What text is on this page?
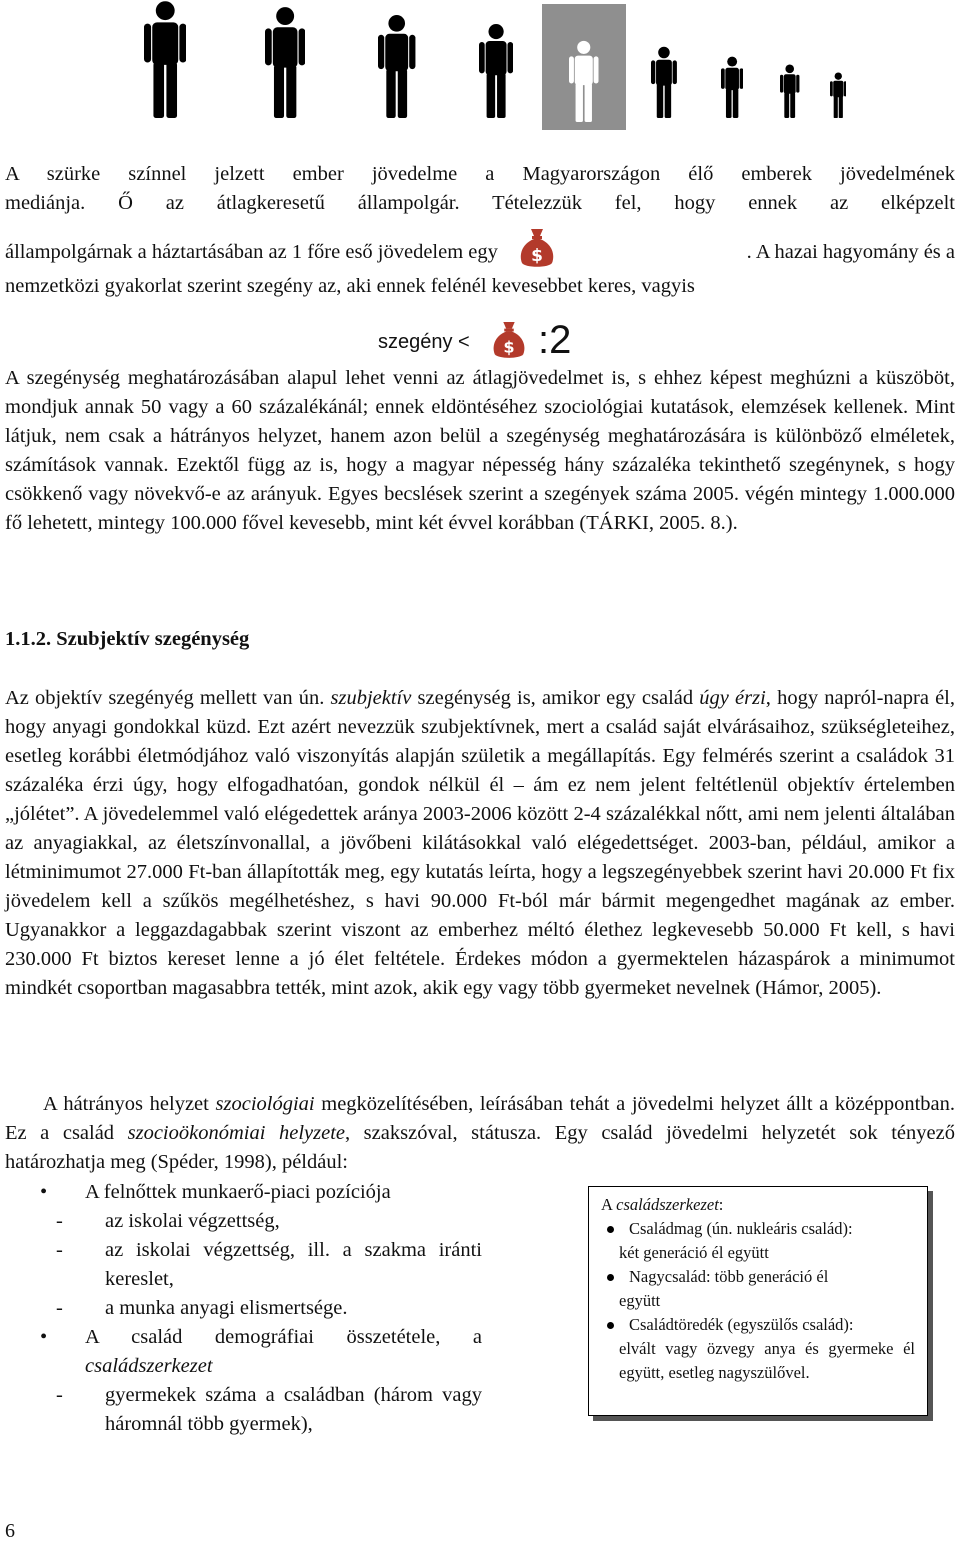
A szürke színnel jelzett ember jövedelme a Magyarországon élő emberek jövedelmének
mediánja. Ő az átlagkeresetű állampolgár. Tételezzük fel, hogy ennek az elképzelt
állampolgárnak a háztartásában az 1 főre eső jövedelem egy $	. A hazai hagyomány és a
nemzetközi gyakorlat szerint szegény az, aki ennek felénél kevesebbet keres, vagyis
szegény < $ :2
A szegénység meghatározásában alapul lehet venni az átlagjövedelmet is, s ehhez képest meghúzni a küszöböt, mondjuk annak 50 vagy a 60 százalékánál; ennek eldöntéséhez szociológiai kutatások, elemzések kellenek. Mint látjuk, nem csak a hátrányos helyzet, hanem azon belül a szegénység meghatározására is különböző elméletek, számítások vannak. Ezektől függ az is, hogy a magyar népesség hány százaléka tekinthető szegénynek, s hogy csökkenő vagy növekvő-e az arányuk. Egyes becslések szerint a szegények száma 2005. végén mintegy 1.000.000 fő lehetett, mintegy 100.000 fővel kevesebb, mint két évvel korábban (TÁRKI, 2005. 8.).
1.1.2. Szubjektív szegénység
Az objektív szegényég mellett van ún. szubjektív szegénység is, amikor egy család úgy érzi, hogy napról-napra él, hogy anyagi gondokkal küzd. Ezt azért nevezzük szubjektívnek, mert a család saját elvárásaihoz, szükségleteihez, esetleg korábbi életmódjához való viszonyítás alapján születik a megállapítás. Egy felmérés szerint a családok 31 százaléka érzi úgy, hogy elfogadhatóan, gondok nélkül él – ám ez nem jelent feltétlenül objektív értelemben „jólétet”. A jövedelemmel való elégedettek aránya 2003-2006 között 2-4 százalékkal nőtt, ami nem jelenti általában az anyagiakkal, az életszínvonallal, a jövőbeni kilátásokkal való elégedettséget. 2003-ban, például, amikor a létminimumot 27.000 Ft-ban állapították meg, egy kutatás leírta, hogy a legszegényebbek szerint havi 20.000 Ft fix jövedelem kell a szűkös megélhetéshez, s havi 90.000 Ft-ból már bármit megengedhet magának az ember. Ugyanakkor a leggazdagabbak szerint viszont az emberhez méltó élethez legkevesebb 50.000 Ft kell, s havi 230.000 Ft biztos kereset lenne a jó élet feltétele. Érdekes módon a gyermektelen házaspárok a minimumot mindkét csoportban magasabbra tették, mint azok, akik egy vagy több gyermeket nevelnek (Hámor, 2005).
A hátrányos helyzet szociológiai megközelítésében, leírásában tehát a jövedelmi helyzet állt a középpontban. Ez a család szocioökonómiai helyzete, szakszóval, státusza. Egy család jövedelmi helyzetét sok tényező határozhatja meg (Spéder, 1998), például:
• A felnőttek munkaerő-piaci pozíciója
- az iskolai végzettség,
- az iskolai végzettség, ill. a szakma iránti kereslet,
- a munka anyagi elismertsége.
• A család demográfiai összetétele, a családszerkezet
- gyermekek száma a családban (három vagy háromnál több gyermek),
A családszerkezet:
Családmag (ún. nukleáris család):
két generáció él együtt
Nagycsalád: több generáció él
együtt
Családtöredék (egyszülős család):
elvált vagy özvegy anya és gyermeke él együtt, esetleg nagyszülővel.
6
